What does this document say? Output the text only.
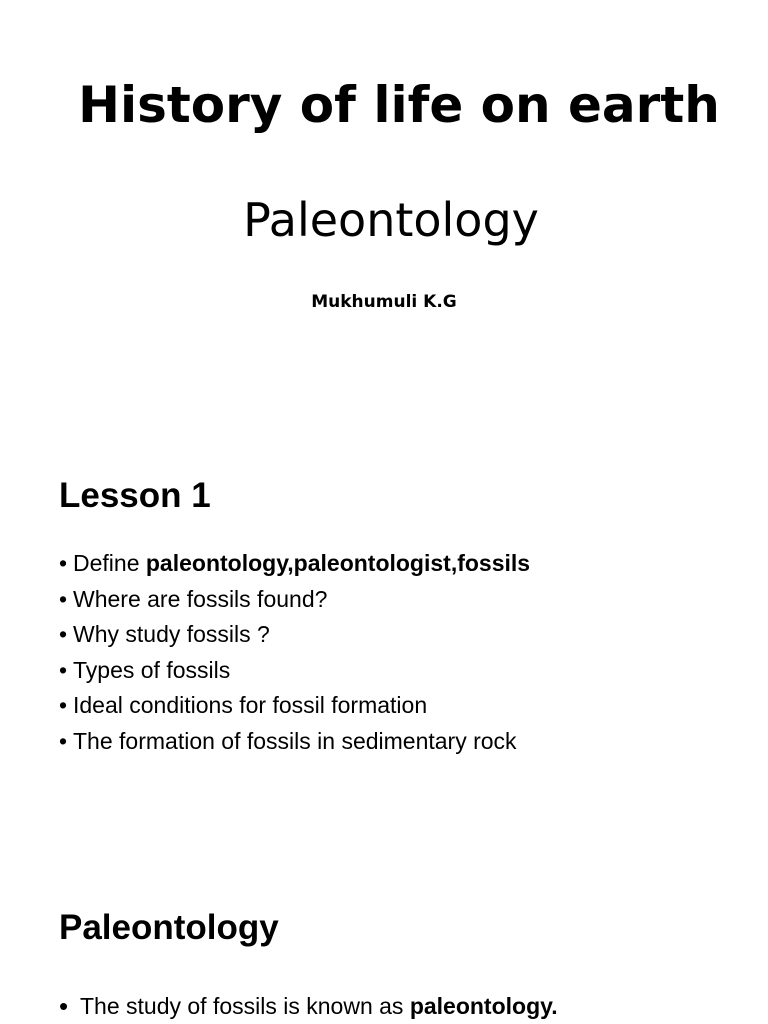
History of life on earth
Paleontology
Mukhumuli K.G
Lesson 1
• Define paleontology,paleontologist,fossils
• Where are fossils found?
• Why study fossils ?
• Types of fossils
• Ideal conditions for fossil formation
• The formation of fossils in sedimentary rock
Paleontology
• The study of fossils is known as paleontology.
